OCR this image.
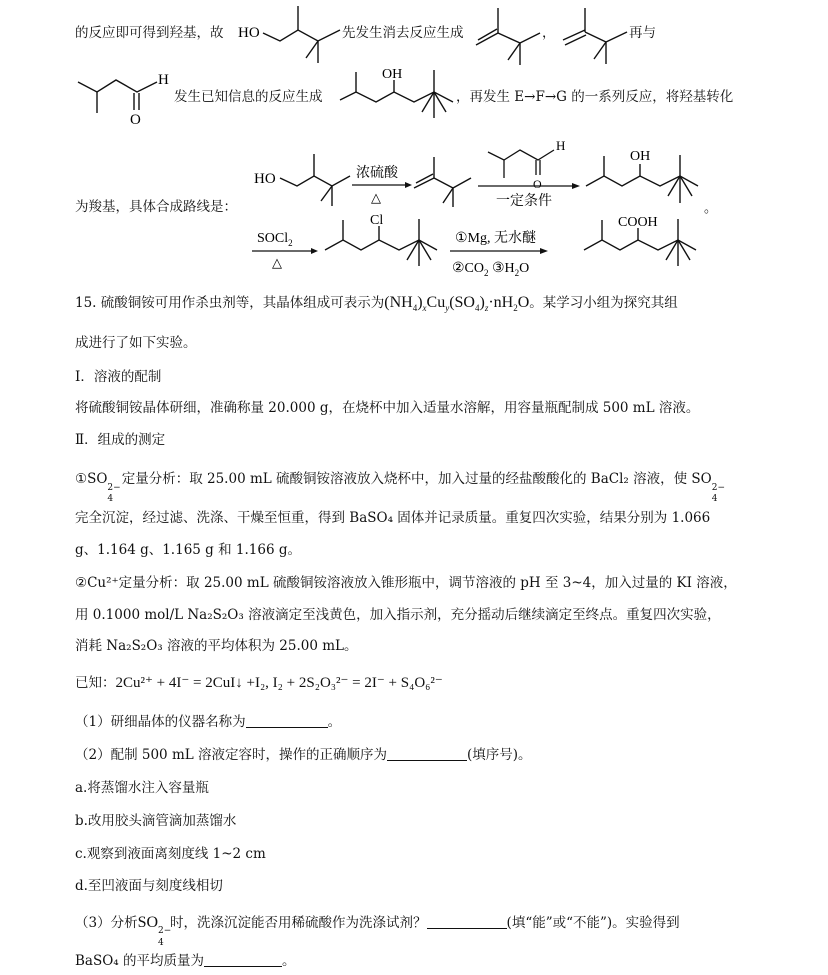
的反应即可得到羟基，故 HO	先发生消去反应生成	，	再与
O
H
发生已知信息的反应生成
OH
，再发生 E→F→G 的一系列反应，将羟基转化
为羧基，具体合成路线是：
HO	浓硫酸
△
O
H
一定条件
OH
。
SOCl$_2$
△
Cl
①Mg, 无水醚
$②CO_2$ $③H_2O$
COOH
15. 硫酸铜铵可用作杀虫剂等，其晶体组成可表示为$(NH_4)_xCu_y(SO_4)_z\cdot nH_2O$。某学习小组为探究其组
成进行了如下实验。
Ⅰ．溶液的配制
将硫酸铜铵晶体研细，准确称量 20.000 g，在烧杯中加入适量水溶解，用容量瓶配制成 500 mL 溶液。
Ⅱ．组成的测定
①SO
4
2−
定量分析：取 25.00 mL 硫酸铜铵溶液放入烧杯中，加入过量的经盐酸酸化的 BaCl₂ 溶液，使 SO
4
2−
完全沉淀，经过滤、洗涤、干燥至恒重，得到 BaSO₄ 固体并记录质量。重复四次实验，结果分别为 1.066
g、1.164 g、1.165 g 和 1.166 g。
②Cu²⁺定量分析：取 25.00 mL 硫酸铜铵溶液放入锥形瓶中，调节溶液的 pH 至 3~4，加入过量的 KI 溶液，
用 0.1000 mol/L Na₂S₂O₃ 溶液滴定至浅黄色，加入指示剂，充分摇动后继续滴定至终点。重复四次实验，
消耗 Na₂S₂O₃ 溶液的平均体积为 25.00 mL。
已知：2Cu²⁺ + 4I⁻ = 2CuI↓ +I₂, I₂ + 2S₂O₃²⁻ = 2I⁻ + S₄O₆²⁻
（1）研细晶体的仪器名称为	。
（2）配制 500 mL 溶液定容时，操作的正确顺序为	(填序号)。
a.将蒸馏水注入容量瓶
b.改用胶头滴管滴加蒸馏水
c.观察到液面离刻度线 1~2 cm
d.至凹液面与刻度线相切
（3）分析SO
4
2−
时，洗涤沉淀能否用稀硫酸作为洗涤试剂？	(填“能”或“不能”)。实验得到
BaSO₄ 的平均质量为	。
